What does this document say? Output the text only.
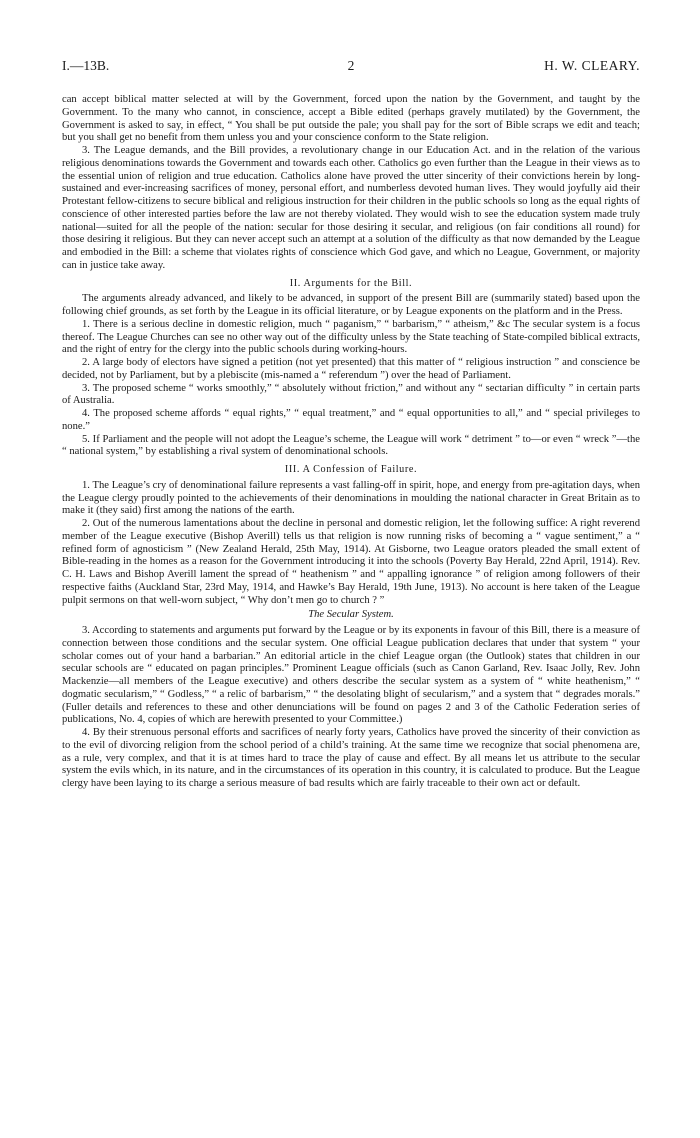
I.—13B.	2	H. W. CLEARY.

can accept biblical matter selected at will by the Government, forced upon the nation by the Government, and taught by the Government. To the many who cannot, in conscience, accept a Bible edited (perhaps gravely mutilated) by the Government, the Government is asked to say, in effect, “ You shall be put outside the pale; you shall pay for the sort of Bible scraps we edit and teach; but you shall get no benefit from them unless you and your conscience conform to the State religion.

3. The League demands, and the Bill provides, a revolutionary change in our Education Act. and in the relation of the various religious denominations towards the Government and towards each other. Catholics go even further than the League in their views as to the essential union of religion and true education. Catholics alone have proved the utter sincerity of their convictions herein by long-sustained and ever-increasing sacrifices of money, personal effort, and numberless devoted human lives. They would joyfully aid their Protestant fellow-citizens to secure biblical and religious instruction for their children in the public schools so long as the equal rights of conscience of other interested parties before the law are not thereby violated. They would wish to see the education system made truly national—suited for all the people of the nation: secular for those desiring it secular, and religious (on fair conditions all round) for those desiring it religious. But they can never accept such an attempt at a solution of the difficulty as that now demanded by the League and embodied in the Bill: a scheme that violates rights of conscience which God gave, and which no League, Government, or majority can in justice take away.

II. Arguments for the Bill.

The arguments already advanced, and likely to be advanced, in support of the present Bill are (summarily stated) based upon the following chief grounds, as set forth by the League in its official literature, or by League exponents on the platform and in the Press.

1. There is a serious decline in domestic religion, much “ paganism,” “ barbarism,” “ atheism,” &c The secular system is a focus thereof. The League Churches can see no other way out of the difficulty unless by the State teaching of State-compiled biblical extracts, and the right of entry for the clergy into the public schools during working-hours.

2. A large body of electors have signed a petition (not yet presented) that this matter of “ religious instruction ” and conscience be decided, not by Parliament, but by a plebiscite (mis-named a “ referendum ”) over the head of Parliament.

3. The proposed scheme “ works smoothly,” “ absolutely without friction,” and without any “ sectarian difficulty ” in certain parts of Australia.

4. The proposed scheme affords “ equal rights,” “ equal treatment,” and “ equal opportunities to all,” and “ special privileges to none.”

5. If Parliament and the people will not adopt the League’s scheme, the League will work “ detriment ” to—or even “ wreck ”—the “ national system,” by establishing a rival system of denominational schools.

III. A Confession of Failure.

1. The League’s cry of denominational failure represents a vast falling-off in spirit, hope, and energy from pre-agitation days, when the League clergy proudly pointed to the achievements of their denominations in moulding the national character in Great Britain as to make it (they said) first among the nations of the earth.

2. Out of the numerous lamentations about the decline in personal and domestic religion, let the following suffice: A right reverend member of the League executive (Bishop Averill) tells us that religion is now running risks of becoming a “ vague sentiment,” a “ refined form of agnosticism ” (New Zealand Herald, 25th May, 1914). At Gisborne, two League orators pleaded the small extent of Bible-reading in the homes as a reason for the Government introducing it into the schools (Poverty Bay Herald, 22nd April, 1914). Rev. C. H. Laws and Bishop Averill lament the spread of “ heathenism ” and “ appalling ignorance ” of religion among followers of their respective faiths (Auckland Star, 23rd May, 1914, and Hawke’s Bay Herald, 19th June, 1913). No account is here taken of the League pulpit sermons on that well-worn subject, “ Why don’t men go to church ? ”

The Secular System.

3. According to statements and arguments put forward by the League or by its exponents in favour of this Bill, there is a measure of connection between those conditions and the secular system. One official League publication declares that under that system “ your scholar comes out of your hand a barbarian.” An editorial article in the chief League organ (the Outlook) states that children in our secular schools are “ educated on pagan principles.” Prominent League officials (such as Canon Garland, Rev. Isaac Jolly, Rev. John Mackenzie—all members of the League executive) and others describe the secular system as a system of “ white heathenism,” “ dogmatic secularism,” “ Godless,” “ a relic of barbarism,” “ the desolating blight of secularism,” and a system that “ degrades morals.” (Fuller details and references to these and other denunciations will be found on pages 2 and 3 of the Catholic Federation series of publications, No. 4, copies of which are herewith presented to your Committee.)

4. By their strenuous personal efforts and sacrifices of nearly forty years, Catholics have proved the sincerity of their conviction as to the evil of divorcing religion from the school period of a child’s training. At the same time we recognize that social phenomena are, as a rule, very complex, and that it is at times hard to trace the play of cause and effect. By all means let us attribute to the secular system the evils which, in its nature, and in the circumstances of its operation in this country, it is calculated to produce. But the League clergy have been laying to its charge a serious measure of bad results which are fairly traceable to their own act or default.
